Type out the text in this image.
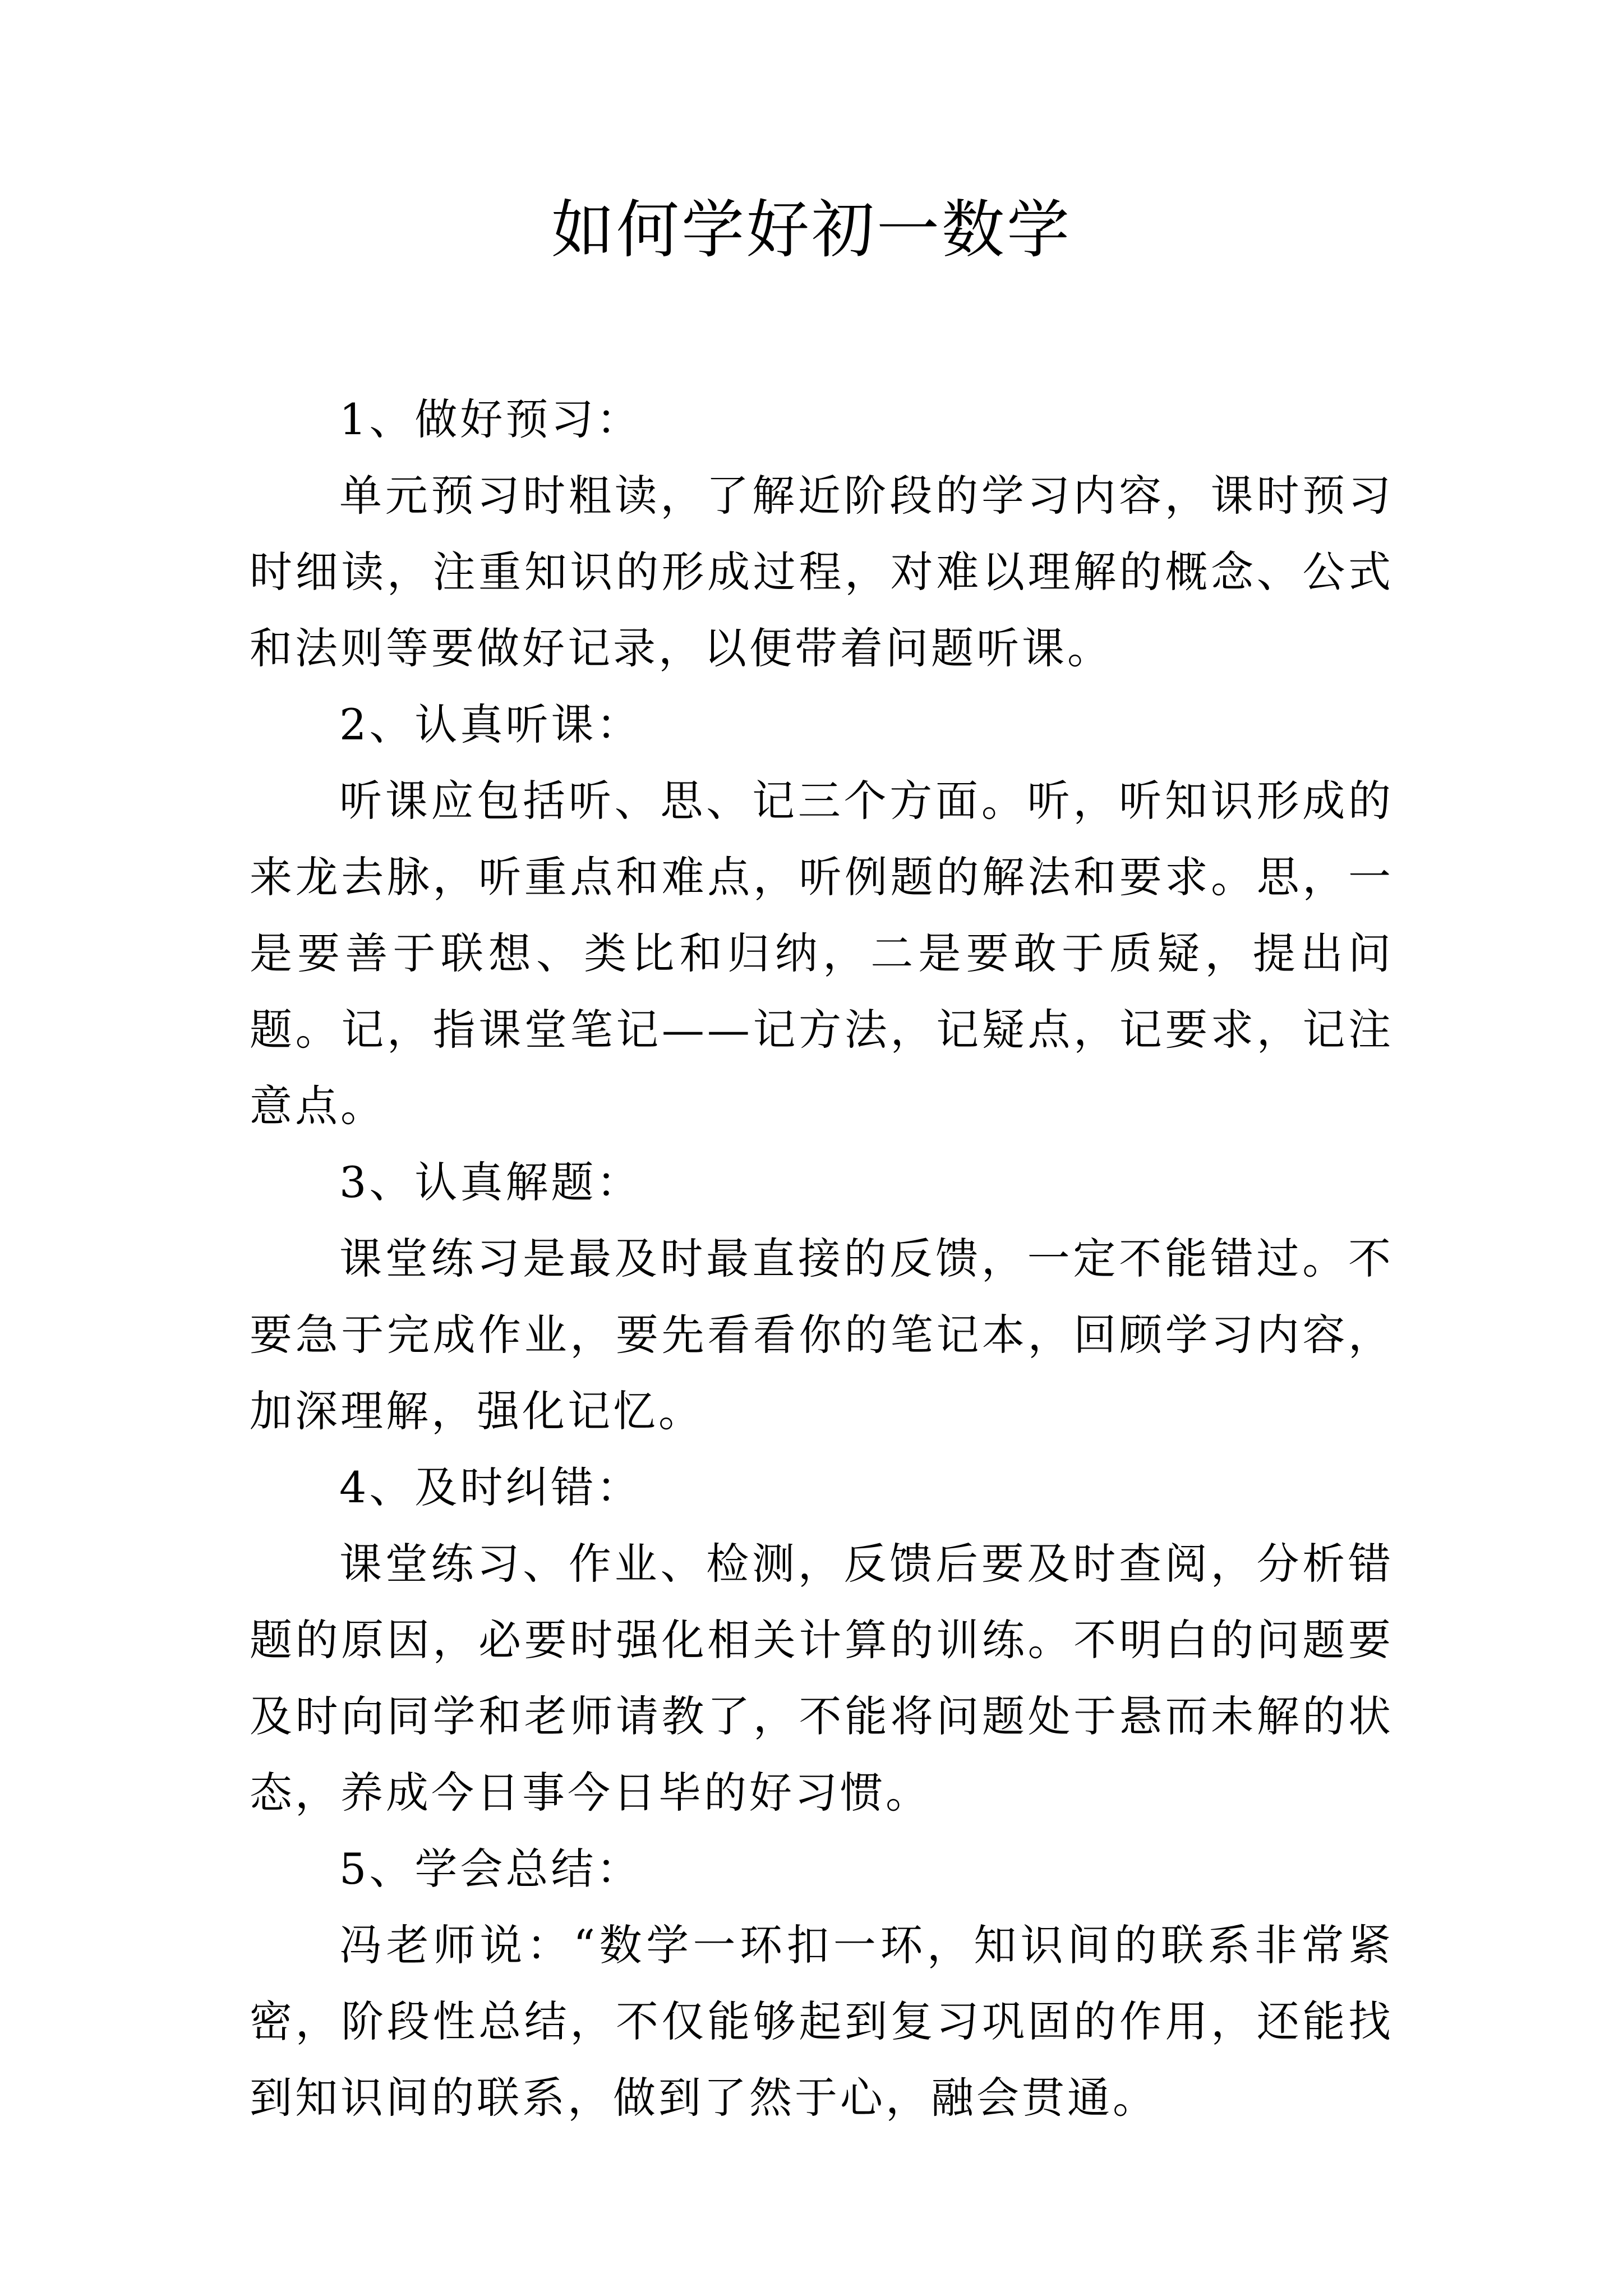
如何学好初一数学

1、做好预习：

单元预习时粗读，了解近阶段的学习内容，课时预习时细读，注重知识的形成过程，对难以理解的概念、公式和法则等要做好记录，以便带着问题听课。

2、认真听课：

听课应包括听、思、记三个方面。听，听知识形成的来龙去脉，听重点和难点，听例题的解法和要求。思，一是要善于联想、类比和归纳，二是要敢于质疑，提出问题。记，指课堂笔记——记方法，记疑点，记要求，记注意点。

3、认真解题：

课堂练习是最及时最直接的反馈，一定不能错过。不要急于完成作业，要先看看你的笔记本，回顾学习内容，加深理解，强化记忆。

4、及时纠错：

课堂练习、作业、检测，反馈后要及时查阅，分析错题的原因，必要时强化相关计算的训练。不明白的问题要及时向同学和老师请教了，不能将问题处于悬而未解的状态，养成今日事今日毕的好习惯。

5、学会总结：

冯老师说：“数学一环扣一环，知识间的联系非常紧密，阶段性总结，不仅能够起到复习巩固的作用，还能找到知识间的联系，做到了然于心，融会贯通。
